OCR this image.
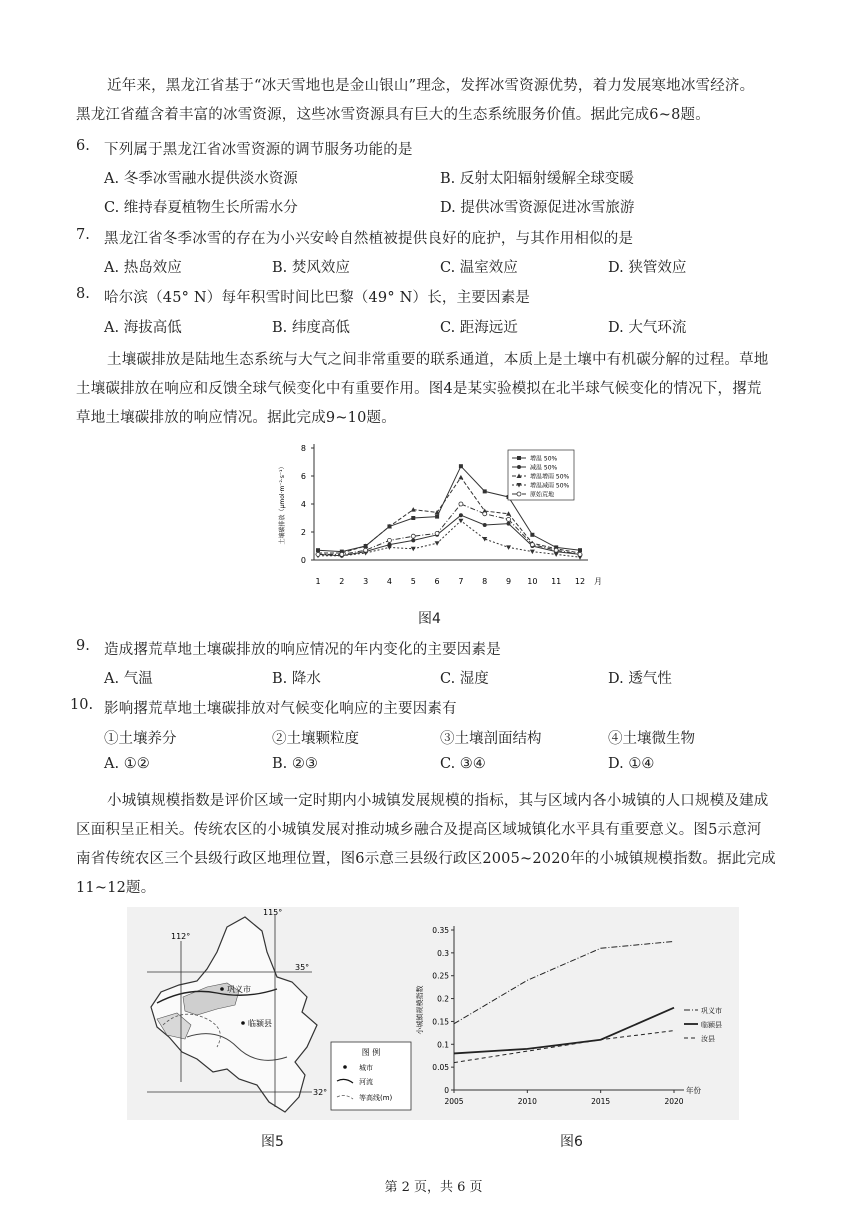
近年来，黑龙江省基于“冰天雪地也是金山银山”理念，发挥冰雪资源优势，着力发展寒地冰雪经济。
黑龙江省蕴含着丰富的冰雪资源，这些冰雪资源具有巨大的生态系统服务价值。据此完成6~8题。
6. 下列属于黑龙江省冰雪资源的调节服务功能的是
A. 冬季冰雪融水提供淡水资源	B. 反射太阳辐射缓解全球变暖
C. 维持春夏植物生长所需水分	D. 提供冰雪资源促进冰雪旅游
7. 黑龙江省冬季冰雪的存在为小兴安岭自然植被提供良好的庇护，与其作用相似的是
A. 热岛效应	B. 焚风效应	C. 温室效应	D. 狭管效应
8. 哈尔滨（45° N）每年积雪时间比巴黎（49° N）长，主要因素是
A. 海拔高低	B. 纬度高低	C. 距海远近	D. 大气环流
土壤碳排放是陆地生态系统与大气之间非常重要的联系通道，本质上是土壤中有机碳分解的过程。草地
土壤碳排放在响应和反馈全球气候变化中有重要作用。图4是某实验模拟在北半球气候变化的情况下，撂荒
草地土壤碳排放的响应情况。据此完成9~10题。
0
2
4
6
8
1 2 3 4 5 6 7 8 9 10 11 12 月
土壤碳排放（μmol·m⁻²·s⁻¹）
增温 50%
减温 50%
增温增雨 50%
增温减雨 50%
原始荒地
图4
9. 造成撂荒草地土壤碳排放的响应情况的年内变化的主要因素是
A. 气温	B. 降水	C. 湿度	D. 透气性
10. 影响撂荒草地土壤碳排放对气候变化响应的主要因素有
①土壤养分	②土壤颗粒度	③土壤剖面结构	④土壤微生物
A. ①②	B. ②③	C. ③④	D. ①④
小城镇规模指数是评价区域一定时期内小城镇发展规模的指标，其与区域内各小城镇的人口规模及建成
区面积呈正相关。传统农区的小城镇发展对推动城乡融合及提高区域城镇化水平具有重要意义。图5示意河
南省传统农区三个县级行政区地理位置，图6示意三县级行政区2005~2020年的小城镇规模指数。据此完成
11~12题。
112°
115°
35°
32°
巩义市
临颍县
图 例
城市
河流
等高线(m)
图5
0
0.05
0.1
0.15
0.2
0.25
0.3
0.35
2005	2010	2015	2020
年份
小城镇规模指数	巩义市
临颍县
汝县
图6
第 2 页，共 6 页
